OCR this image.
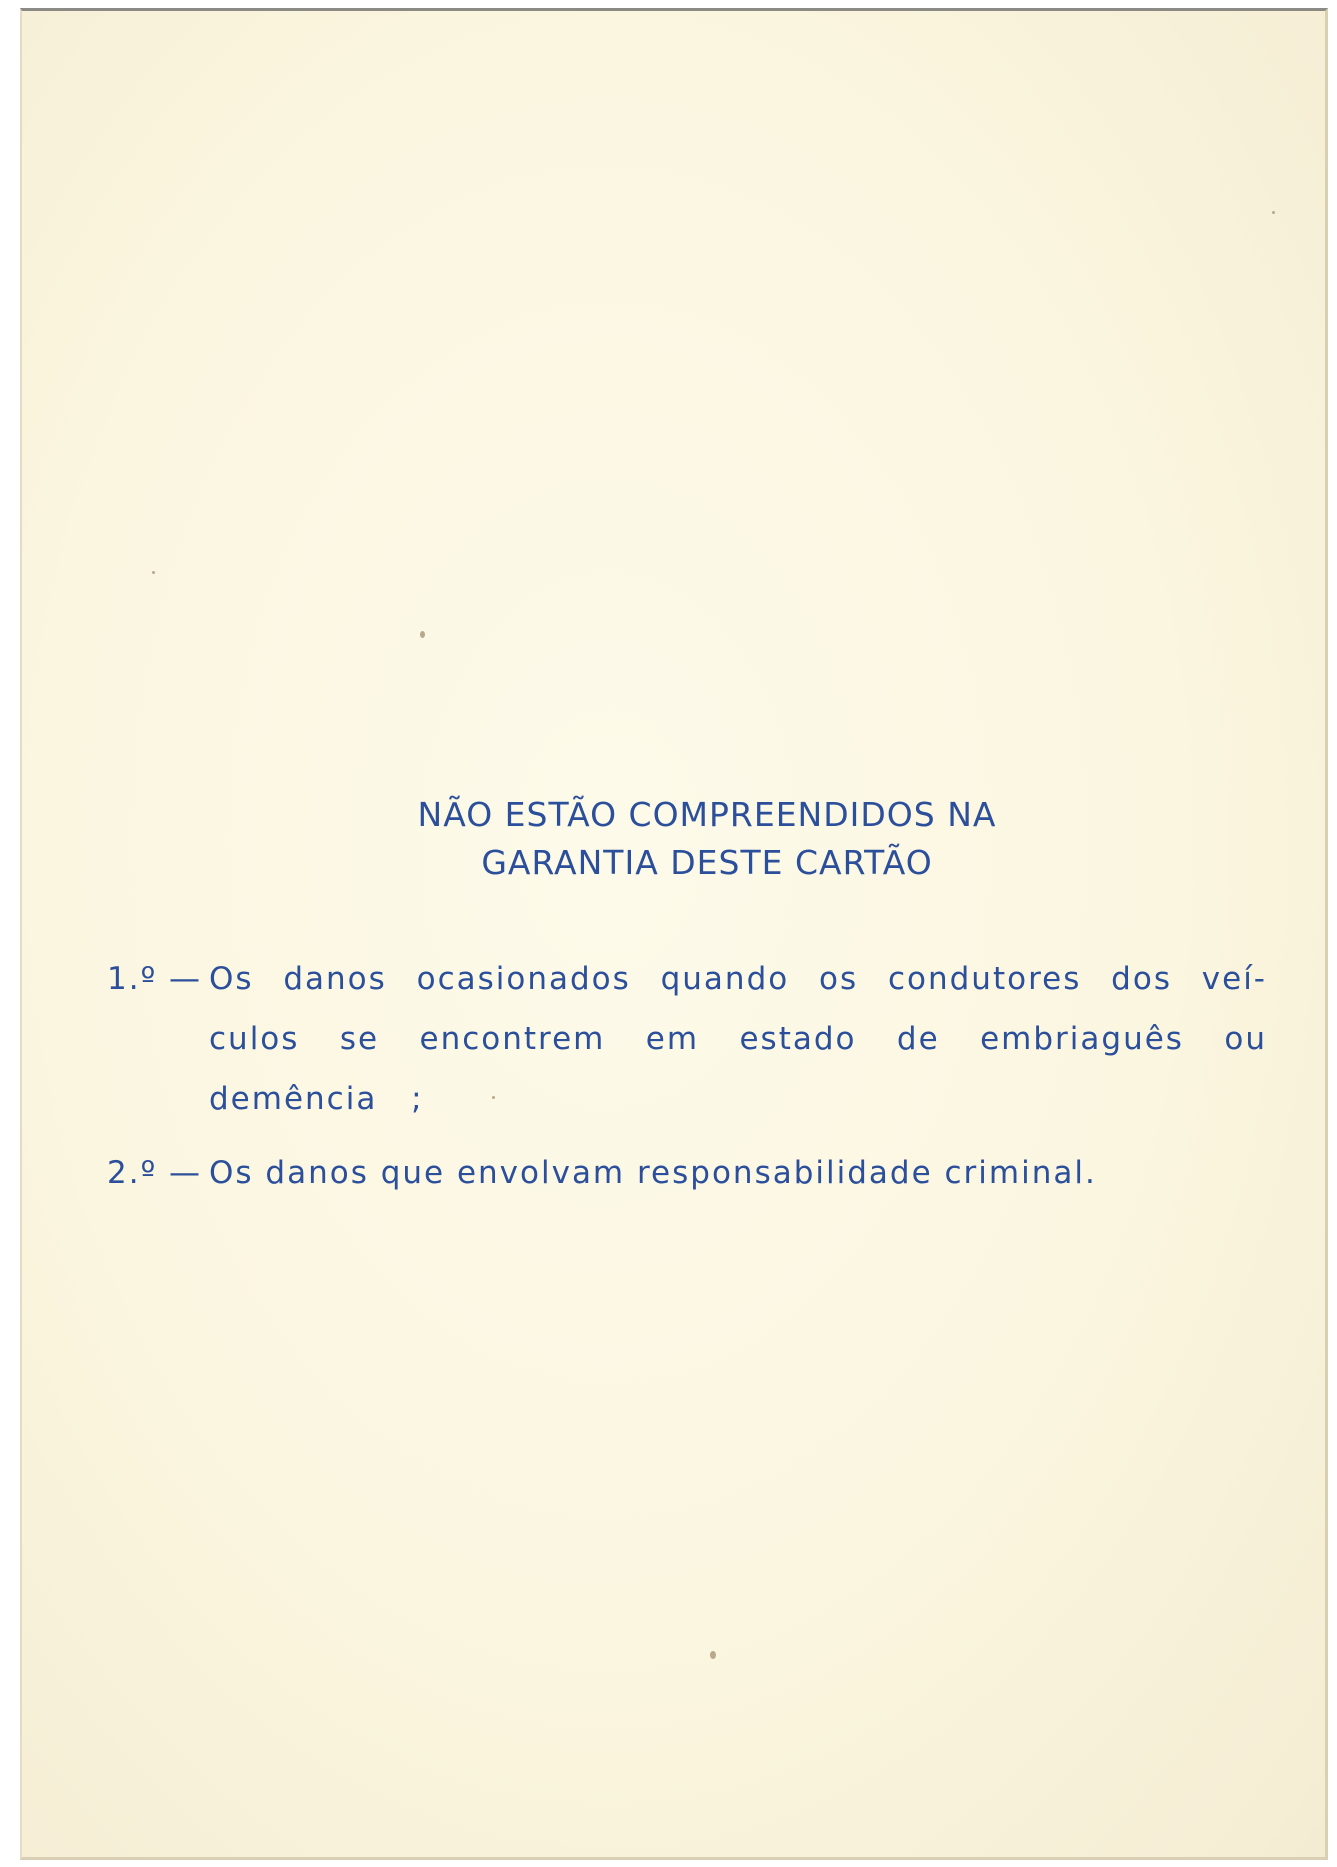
NÃO ESTÃO COMPREENDIDOS NA
GARANTIA DESTE CARTÃO
1.º — Os danos ocasionados quando os condutores dos veí-
culos se encontrem em estado de embriaguês ou demência ;
2.º — Os danos que envolvam responsabilidade criminal.
